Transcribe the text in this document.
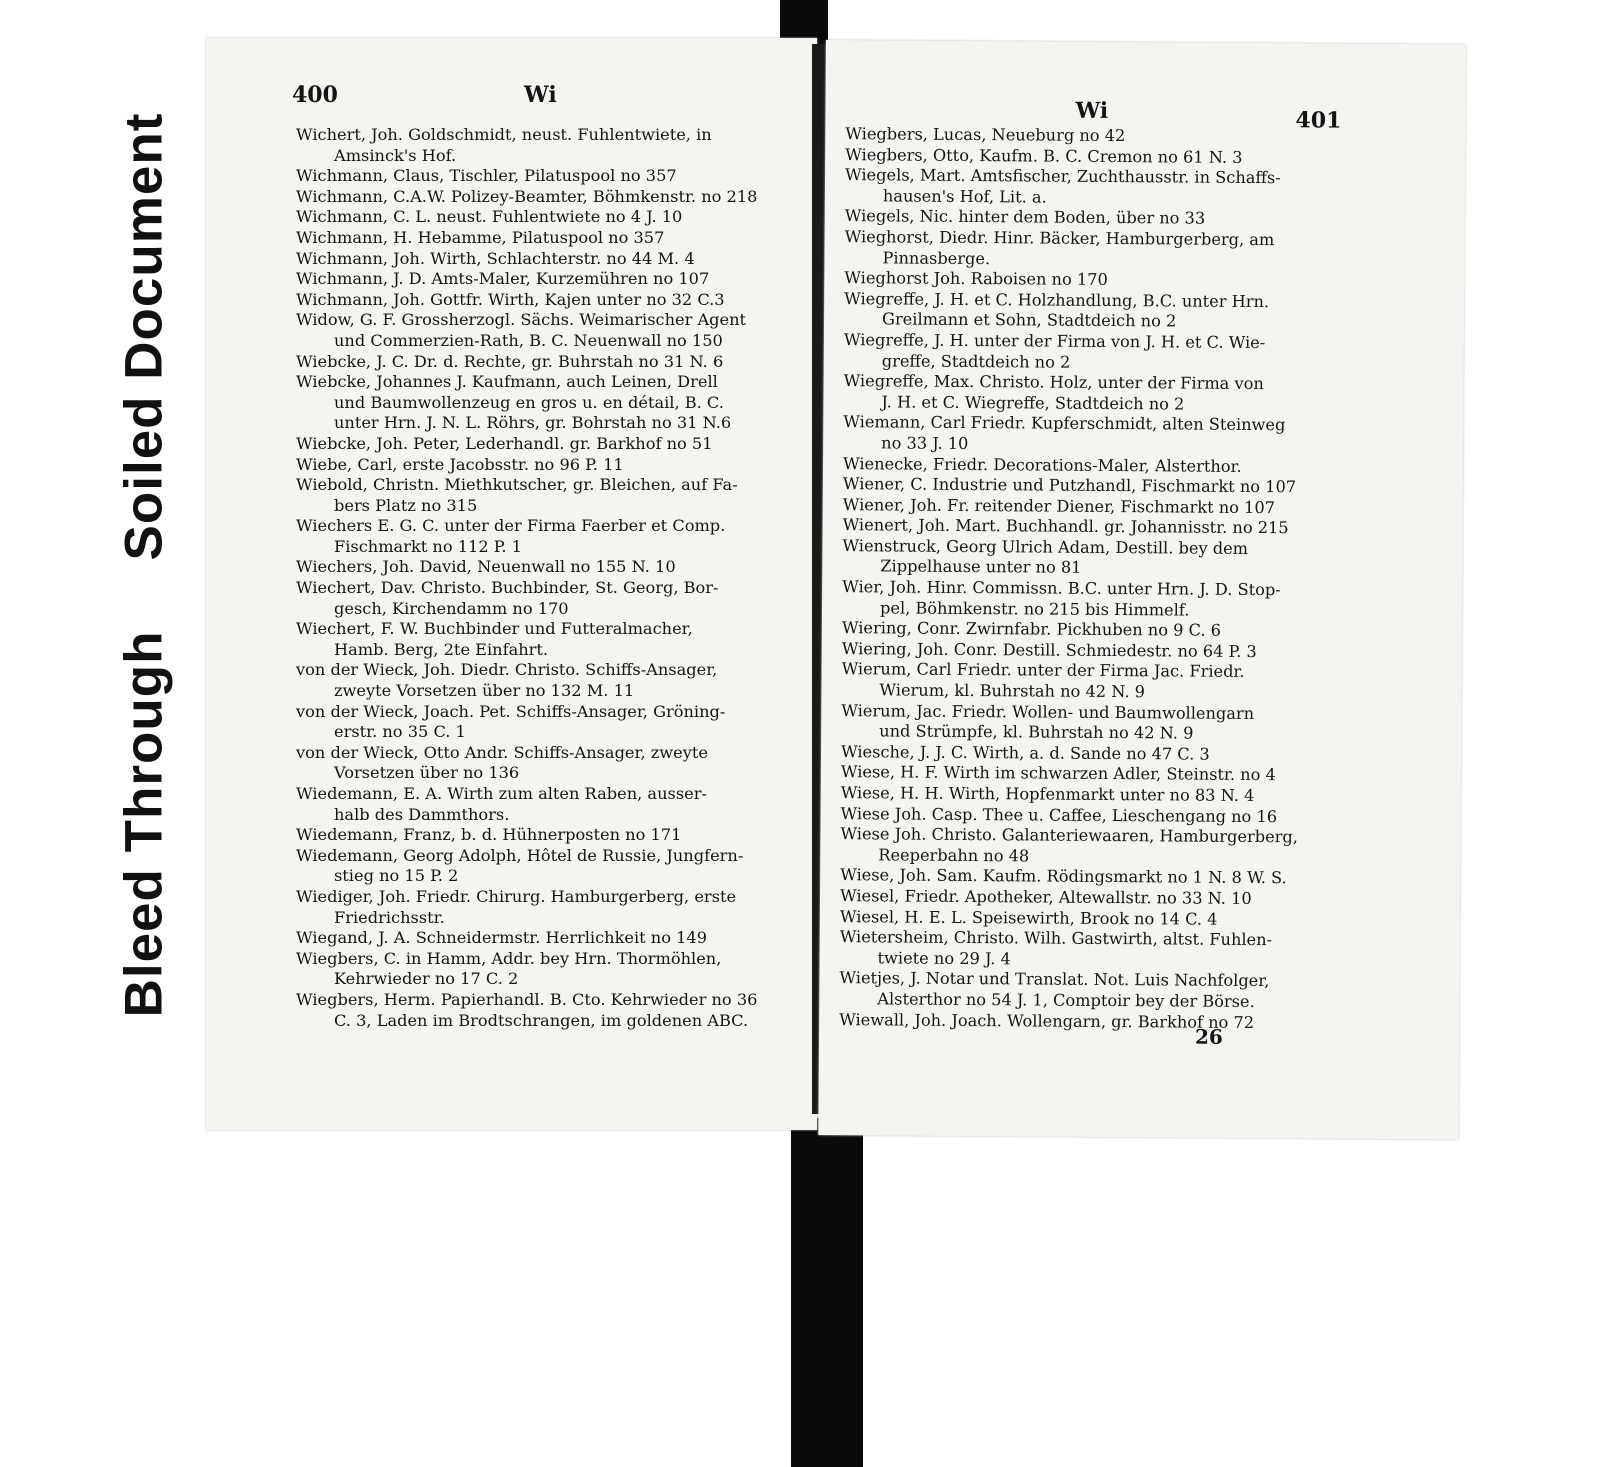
Bleed ThroughSoiled Document
400	Wi
Wichert, Joh. Goldschmidt, neust. Fuhlentwiete, in
Amsinck's Hof.
Wichmann, Claus, Tischler, Pilatuspool no 357
Wichmann, C.A.W. Polizey-Beamter, Böhmkenstr. no 218
Wichmann, C. L. neust. Fuhlentwiete no 4 J. 10
Wichmann, H. Hebamme, Pilatuspool no 357
Wichmann, Joh. Wirth, Schlachterstr. no 44 M. 4
Wichmann, J. D. Amts-Maler, Kurzemühren no 107
Wichmann, Joh. Gottfr. Wirth, Kajen unter no 32 C.3
Widow, G. F. Grossherzogl. Sächs. Weimarischer Agent
und Commerzien-Rath, B. C. Neuenwall no 150
Wiebcke, J. C. Dr. d. Rechte, gr. Buhrstah no 31 N. 6
Wiebcke, Johannes J. Kaufmann, auch Leinen, Drell
und Baumwollenzeug en gros u. en détail, B. C.
unter Hrn. J. N. L. Röhrs, gr. Bohrstah no 31 N.6
Wiebcke, Joh. Peter, Lederhandl. gr. Barkhof no 51
Wiebe, Carl, erste Jacobsstr. no 96 P. 11
Wiebold, Christn. Miethkutscher, gr. Bleichen, auf Fa-
bers Platz no 315
Wiechers E. G. C. unter der Firma Faerber et Comp.
Fischmarkt no 112 P. 1
Wiechers, Joh. David, Neuenwall no 155 N. 10
Wiechert, Dav. Christo. Buchbinder, St. Georg, Bor-
gesch, Kirchendamm no 170
Wiechert, F. W. Buchbinder und Futteralmacher,
Hamb. Berg, 2te Einfahrt.
von der Wieck, Joh. Diedr. Christo. Schiffs-Ansager,
zweyte Vorsetzen über no 132 M. 11
von der Wieck, Joach. Pet. Schiffs-Ansager, Gröning-
erstr. no 35 C. 1
von der Wieck, Otto Andr. Schiffs-Ansager, zweyte
Vorsetzen über no 136
Wiedemann, E. A. Wirth zum alten Raben, ausser-
halb des Dammthors.
Wiedemann, Franz, b. d. Hühnerposten no 171
Wiedemann, Georg Adolph, Hôtel de Russie, Jungfern-
stieg no 15 P. 2
Wiediger, Joh. Friedr. Chirurg. Hamburgerberg, erste
Friedrichsstr.
Wiegand, J. A. Schneidermstr. Herrlichkeit no 149
Wiegbers, C. in Hamm, Addr. bey Hrn. Thormöhlen,
Kehrwieder no 17 C. 2
Wiegbers, Herm. Papierhandl. B. Cto. Kehrwieder no 36
C. 3, Laden im Brodtschrangen, im goldenen ABC.
Wi	401
Wiegbers, Lucas, Neueburg no 42
Wiegbers, Otto, Kaufm. B. C. Cremon no 61 N. 3
Wiegels, Mart. Amtsfischer, Zuchthausstr. in Schaffs-
hausen's Hof, Lit. a.
Wiegels, Nic. hinter dem Boden, über no 33
Wieghorst, Diedr. Hinr. Bäcker, Hamburgerberg, am
Pinnasberge.
Wieghorst Joh. Raboisen no 170
Wiegreffe, J. H. et C. Holzhandlung, B.C. unter Hrn.
Greilmann et Sohn, Stadtdeich no 2
Wiegreffe, J. H. unter der Firma von J. H. et C. Wie-
greffe, Stadtdeich no 2
Wiegreffe, Max. Christo. Holz, unter der Firma von
J. H. et C. Wiegreffe, Stadtdeich no 2
Wiemann, Carl Friedr. Kupferschmidt, alten Steinweg
no 33 J. 10
Wienecke, Friedr. Decorations-Maler, Alsterthor.
Wiener, C. Industrie und Putzhandl, Fischmarkt no 107
Wiener, Joh. Fr. reitender Diener, Fischmarkt no 107
Wienert, Joh. Mart. Buchhandl. gr. Johannisstr. no 215
Wienstruck, Georg Ulrich Adam, Destill. bey dem
Zippelhause unter no 81
Wier, Joh. Hinr. Commissn. B.C. unter Hrn. J. D. Stop-
pel, Böhmkenstr. no 215 bis Himmelf.
Wiering, Conr. Zwirnfabr. Pickhuben no 9 C. 6
Wiering, Joh. Conr. Destill. Schmiedestr. no 64 P. 3
Wierum, Carl Friedr. unter der Firma Jac. Friedr.
Wierum, kl. Buhrstah no 42 N. 9
Wierum, Jac. Friedr. Wollen- und Baumwollengarn
und Strümpfe, kl. Buhrstah no 42 N. 9
Wiesche, J. J. C. Wirth, a. d. Sande no 47 C. 3
Wiese, H. F. Wirth im schwarzen Adler, Steinstr. no 4
Wiese, H. H. Wirth, Hopfenmarkt unter no 83 N. 4
Wiese Joh. Casp. Thee u. Caffee, Lieschengang no 16
Wiese Joh. Christo. Galanteriewaaren, Hamburgerberg,
Reeperbahn no 48
Wiese, Joh. Sam. Kaufm. Rödingsmarkt no 1 N. 8 W. S.
Wiesel, Friedr. Apotheker, Altewallstr. no 33 N. 10
Wiesel, H. E. L. Speisewirth, Brook no 14 C. 4
Wietersheim, Christo. Wilh. Gastwirth, altst. Fuhlen-
twiete no 29 J. 4
Wietjes, J. Notar und Translat. Not. Luis Nachfolger,
Alsterthor no 54 J. 1, Comptoir bey der Börse.
Wiewall, Joh. Joach. Wollengarn, gr. Barkhof no 72
26
